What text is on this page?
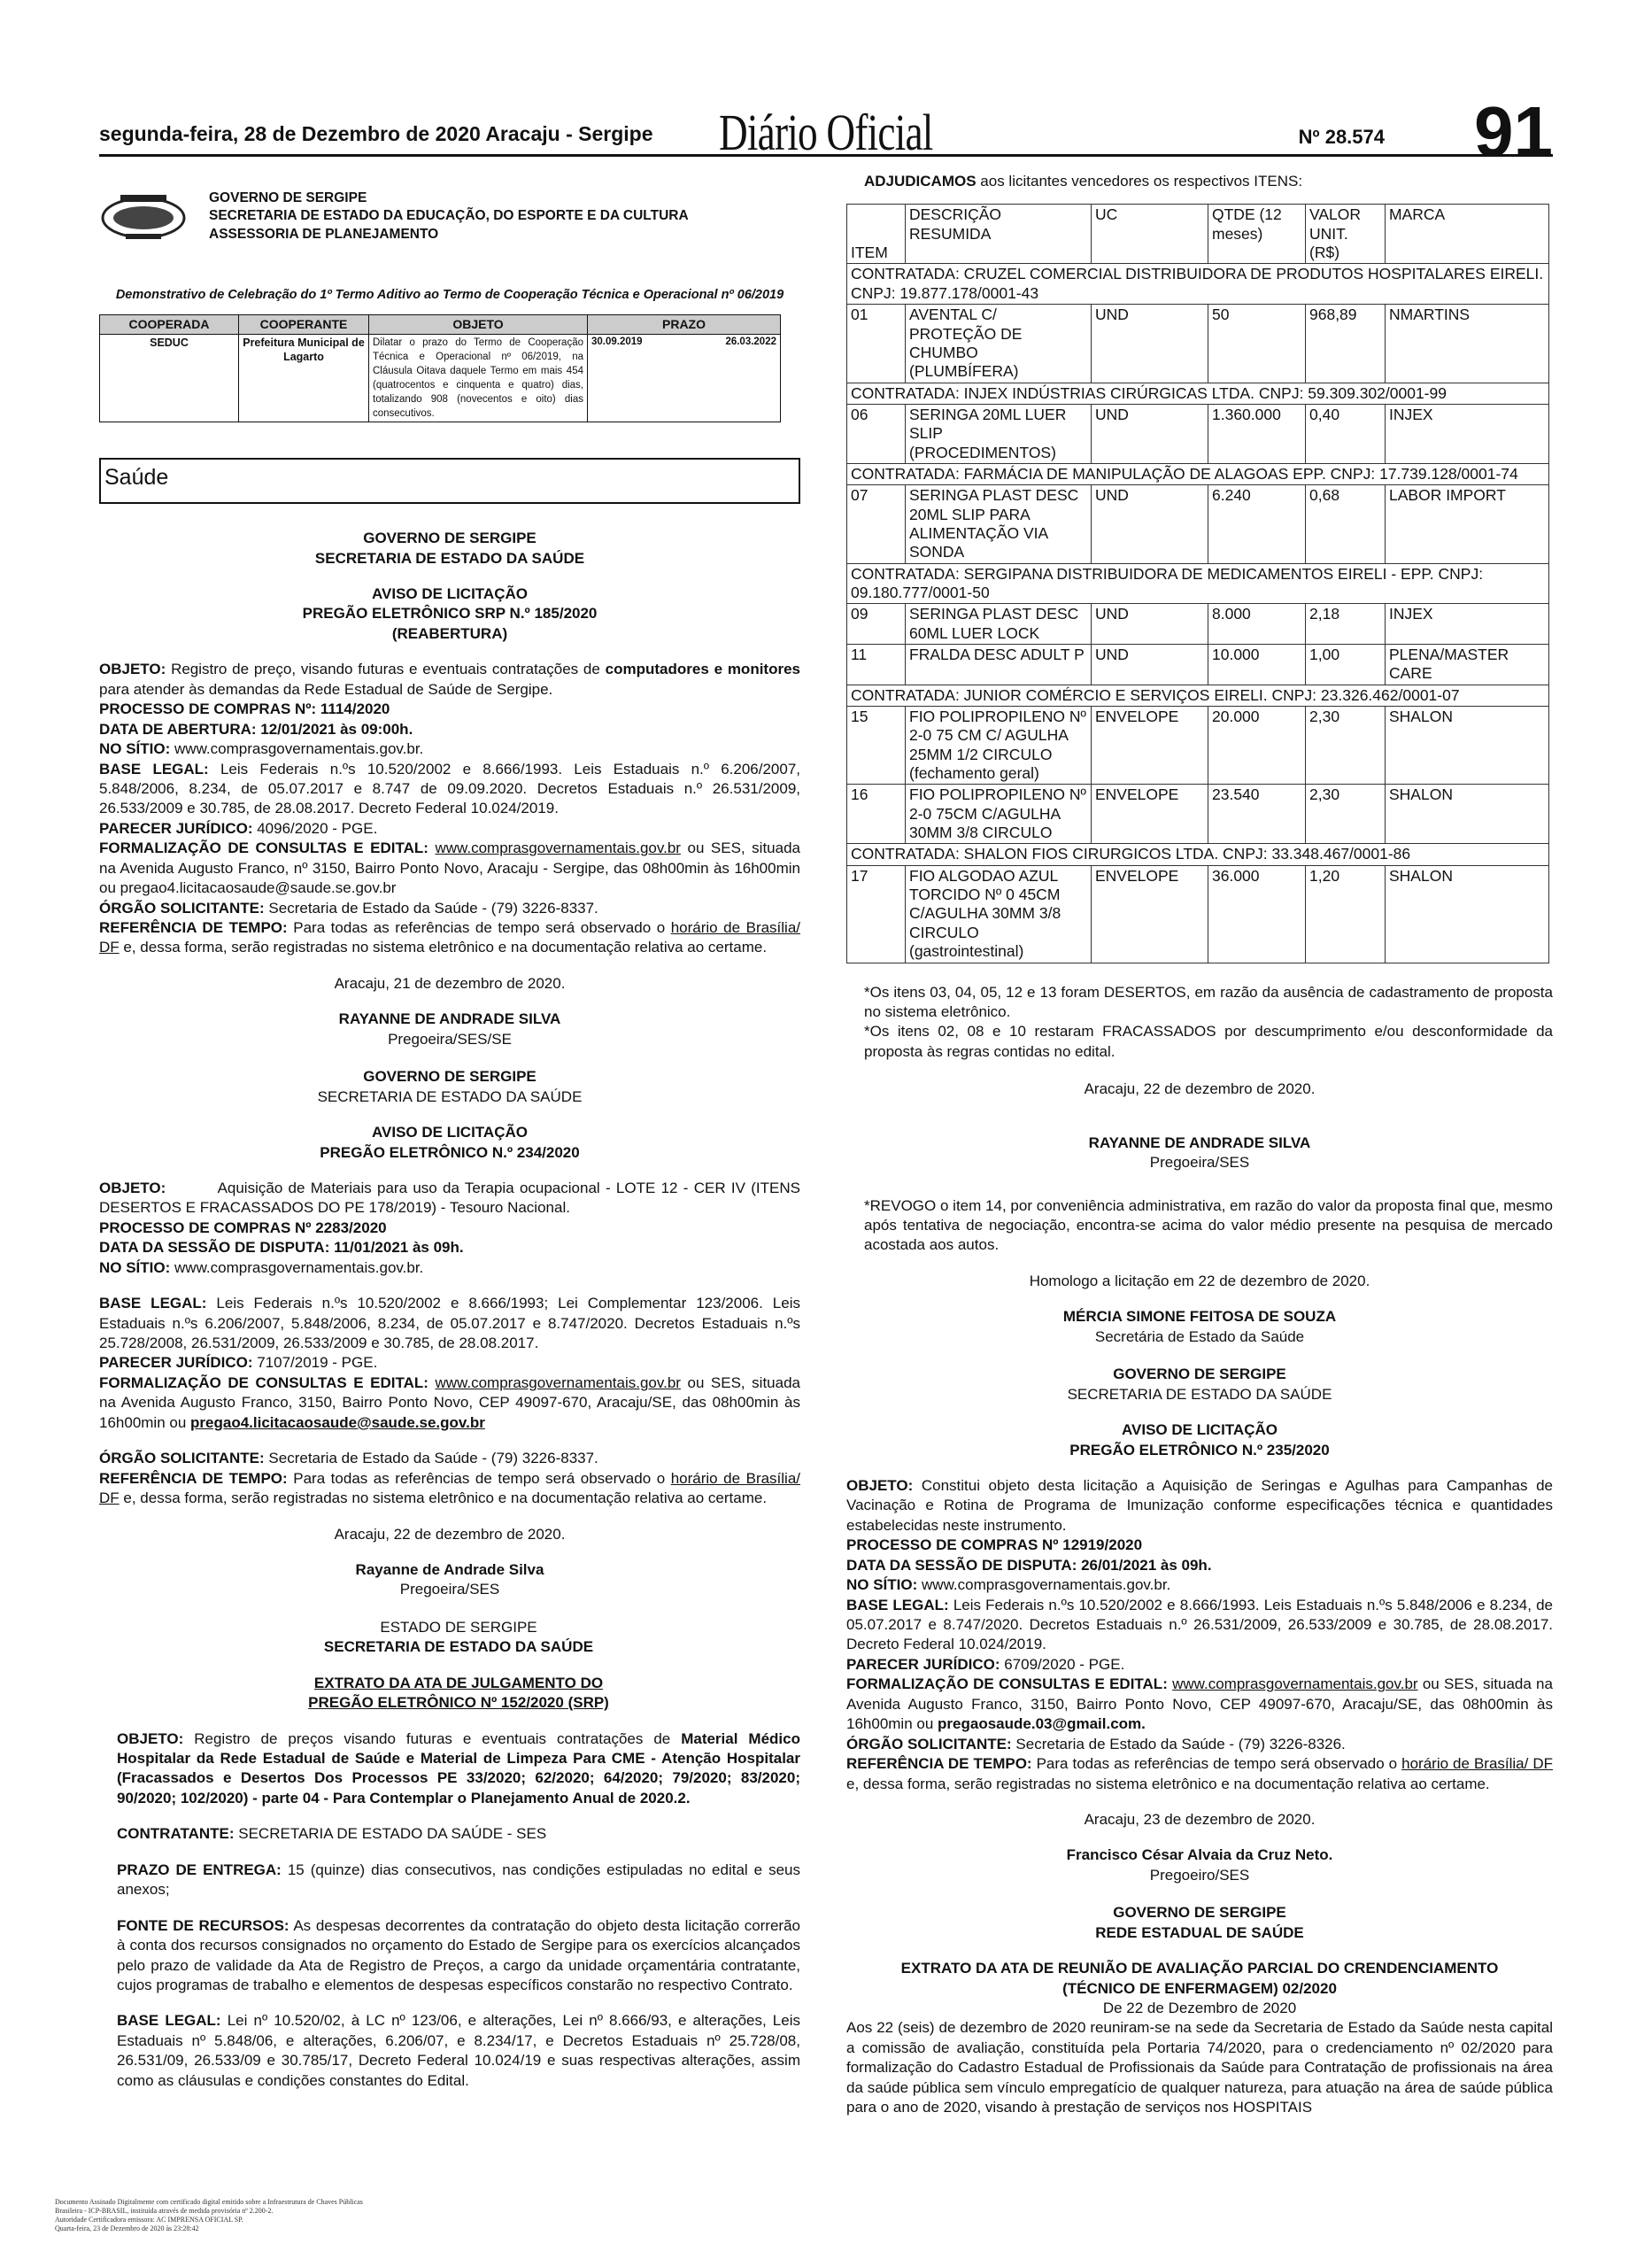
segunda-feira, 28 de Dezembro de 2020 Aracaju - Sergipe Diário Oficial	Nº 28.574 91
GOVERNO DE SERGIPE
SECRETARIA DE ESTADO DA EDUCAÇÃO, DO ESPORTE E DA CULTURA
ASSESSORIA DE PLANEJAMENTO
Demonstrativo de Celebração do 1º Termo Aditivo ao Termo de Cooperação Técnica e Operacional nº 06/2019
COOPERADA	COOPERANTE	OBJETO	PRAZO
SEDUC	Prefeitura Municipal de Lagarto	Dilatar o prazo do Termo de Cooperação Técnica e Operacional nº 06/2019, na Cláusula Oitava daquele Termo em mais 454 (quatrocentos e cinquenta e quatro) dias, totalizando 908 (novecentos e oito) dias consecutivos.	30.09.2019 26.03.2022
Saúde
GOVERNO DE SERGIPE
SECRETARIA DE ESTADO DA SAÚDE
AVISO DE LICITAÇÃO
PREGÃO ELETRÔNICO SRP N.º 185/2020
(REABERTURA)

OBJETO: Registro de preço, visando futuras e eventuais contratações de computadores e monitores para atender às demandas da Rede Estadual de Saúde de Sergipe.

PROCESSO DE COMPRAS Nº: 1114/2020

DATA DE ABERTURA: 12/01/2021 às 09:00h.

NO SÍTIO: www.comprasgovernamentais.gov.br.

BASE LEGAL: Leis Federais n.ºs 10.520/2002 e 8.666/1993. Leis Estaduais n.º 6.206/2007, 5.848/2006, 8.234, de 05.07.2017 e 8.747 de 09.09.2020. Decretos Estaduais n.º 26.531/2009, 26.533/2009 e 30.785, de 28.08.2017. Decreto Federal 10.024/2019.

PARECER JURÍDICO: 4096/2020 - PGE.

FORMALIZAÇÃO DE CONSULTAS E EDITAL: www.comprasgovernamentais.gov.br ou SES, situada na Avenida Augusto Franco, nº 3150, Bairro Ponto Novo, Aracaju - Sergipe, das 08h00min às 16h00min ou pregao4.licitacaosaude@saude.se.gov.br

ÓRGÃO SOLICITANTE: Secretaria de Estado da Saúde - (79) 3226-8337.

REFERÊNCIA DE TEMPO: Para todas as referências de tempo será observado o horário de Brasília/ DF e, dessa forma, serão registradas no sistema eletrônico e na documentação relativa ao certame.

Aracaju, 21 de dezembro de 2020.

RAYANNE DE ANDRADE SILVA

Pregoeira/SES/SE

GOVERNO DE SERGIPE
SECRETARIA DE ESTADO DA SAÚDE
AVISO DE LICITAÇÃO
PREGÃO ELETRÔNICO N.º 234/2020

OBJETO:	Aquisição de Materiais para uso da Terapia ocupacional - LOTE 12 - CER IV (ITENS DESERTOS E FRACASSADOS DO PE 178/2019) - Tesouro Nacional.

PROCESSO DE COMPRAS Nº 2283/2020

DATA DA SESSÃO DE DISPUTA: 11/01/2021 às 09h.

NO SÍTIO: www.comprasgovernamentais.gov.br.

BASE LEGAL: Leis Federais n.ºs 10.520/2002 e 8.666/1993; Lei Complementar 123/2006. Leis Estaduais n.ºs 6.206/2007, 5.848/2006, 8.234, de 05.07.2017 e 8.747/2020. Decretos Estaduais n.ºs 25.728/2008, 26.531/2009, 26.533/2009 e 30.785, de 28.08.2017.

PARECER JURÍDICO: 7107/2019 - PGE.

FORMALIZAÇÃO DE CONSULTAS E EDITAL: www.comprasgovernamentais.gov.br ou SES, situada na Avenida Augusto Franco, 3150, Bairro Ponto Novo, CEP 49097-670, Aracaju/SE, das 08h00min às 16h00min ou pregao4.licitacaosaude@saude.se.gov.br

ÓRGÃO SOLICITANTE: Secretaria de Estado da Saúde - (79) 3226-8337.

REFERÊNCIA DE TEMPO: Para todas as referências de tempo será observado o horário de Brasília/ DF e, dessa forma, serão registradas no sistema eletrônico e na documentação relativa ao certame.

Aracaju, 22 de dezembro de 2020.

Rayanne de Andrade Silva

Pregoeira/SES

ESTADO DE SERGIPE
SECRETARIA DE ESTADO DA SAÚDE
EXTRATO DA ATA DE JULGAMENTO DO
PREGÃO ELETRÔNICO Nº 152/2020 (SRP)

OBJETO: Registro de preços visando futuras e eventuais contratações de Material Médico Hospitalar da Rede Estadual de Saúde e Material de Limpeza Para CME - Atenção Hospitalar (Fracassados e Desertos Dos Processos PE 33/2020; 62/2020; 64/2020; 79/2020; 83/2020; 90/2020; 102/2020) - parte 04 - Para Contemplar o Planejamento Anual de 2020.2.

CONTRATANTE: SECRETARIA DE ESTADO DA SAÚDE - SES

PRAZO DE ENTREGA: 15 (quinze) dias consecutivos, nas condições estipuladas no edital e seus anexos;

FONTE DE RECURSOS: As despesas decorrentes da contratação do objeto desta licitação correrão à conta dos recursos consignados no orçamento do Estado de Sergipe para os exercícios alcançados pelo prazo de validade da Ata de Registro de Preços, a cargo da unidade orçamentária contratante, cujos programas de trabalho e elementos de despesas específicos constarão no respectivo Contrato.

BASE LEGAL: Lei nº 10.520/02, à LC nº 123/06, e alterações, Lei nº 8.666/93, e alterações, Leis Estaduais nº 5.848/06, e alterações, 6.206/07, e 8.234/17, e Decretos Estaduais nº 25.728/08, 26.531/09, 26.533/09 e 30.785/17, Decreto Federal 10.024/19 e suas respectivas alterações, assim como as cláusulas e condições constantes do Edital.

ADJUDICAMOS aos licitantes vencedores os respectivos ITENS:

ITEM	DESCRIÇÃO RESUMIDA	UC	QTDE (12 meses)	VALOR UNIT. (R$)	MARCA
CONTRATADA: CRUZEL COMERCIAL DISTRIBUIDORA DE PRODUTOS HOSPITALARES EIRELI. CNPJ: 19.877.178/0001-43					
01	AVENTAL C/ PROTEÇÃO DE CHUMBO (PLUMBÍFERA)	UND	50	968,89	NMARTINS
CONTRATADA: INJEX INDÚSTRIAS CIRÚRGICAS LTDA. CNPJ: 59.309.302/0001-99					
06	SERINGA 20ML LUER SLIP (PROCEDIMENTOS)	UND	1.360.000	0,40	INJEX
CONTRATADA: FARMÁCIA DE MANIPULAÇÃO DE ALAGOAS EPP. CNPJ: 17.739.128/0001-74					
07	SERINGA PLAST DESC 20ML SLIP PARA ALIMENTAÇÃO VIA SONDA	UND	6.240	0,68	LABOR IMPORT
CONTRATADA: SERGIPANA DISTRIBUIDORA DE MEDICAMENTOS EIRELI - EPP. CNPJ: 09.180.777/0001-50					
09	SERINGA PLAST DESC 60ML LUER LOCK	UND	8.000	2,18	INJEX
11	FRALDA DESC ADULT P	UND	10.000	1,00	PLENA/MASTER CARE
CONTRATADA: JUNIOR COMÉRCIO E SERVIÇOS EIRELI. CNPJ: 23.326.462/0001-07					
15	FIO POLIPROPILENO Nº 2-0 75 CM C/ AGULHA 25MM 1/2 CIRCULO (fechamento geral)	ENVELOPE	20.000	2,30	SHALON
16	FIO POLIPROPILENO Nº 2-0 75CM C/AGULHA 30MM 3/8 CIRCULO	ENVELOPE	23.540	2,30	SHALON
CONTRATADA: SHALON FIOS CIRURGICOS LTDA. CNPJ: 33.348.467/0001-86					
17	FIO ALGODAO AZUL TORCIDO Nº 0 45CM C/AGULHA 30MM 3/8 CIRCULO (gastrointestinal)	ENVELOPE	36.000	1,20	SHALON

*Os itens 03, 04, 05, 12 e 13 foram DESERTOS, em razão da ausência de cadastramento de proposta no sistema eletrônico.

*Os itens 02, 08 e 10 restaram FRACASSADOS por descumprimento e/ou desconformidade da proposta às regras contidas no edital.

Aracaju, 22 de dezembro de 2020.

RAYANNE DE ANDRADE SILVA

Pregoeira/SES

*REVOGO o item 14, por conveniência administrativa, em razão do valor da proposta final que, mesmo após tentativa de negociação, encontra-se acima do valor médio presente na pesquisa de mercado acostada aos autos.

Homologo a licitação em 22 de dezembro de 2020.

MÉRCIA SIMONE FEITOSA DE SOUZA

Secretária de Estado da Saúde

GOVERNO DE SERGIPE
SECRETARIA DE ESTADO DA SAÚDE
AVISO DE LICITAÇÃO
PREGÃO ELETRÔNICO N.º 235/2020

OBJETO: Constitui objeto desta licitação a Aquisição de Seringas e Agulhas para Campanhas de Vacinação e Rotina de Programa de Imunização conforme especificações técnica e quantidades estabelecidas neste instrumento.

PROCESSO DE COMPRAS Nº 12919/2020

DATA DA SESSÃO DE DISPUTA: 26/01/2021 às 09h.

NO SÍTIO: www.comprasgovernamentais.gov.br.

BASE LEGAL: Leis Federais n.ºs 10.520/2002 e 8.666/1993. Leis Estaduais n.ºs 5.848/2006 e 8.234, de 05.07.2017 e 8.747/2020. Decretos Estaduais n.º 26.531/2009, 26.533/2009 e 30.785, de 28.08.2017. Decreto Federal 10.024/2019.

PARECER JURÍDICO: 6709/2020 - PGE.

FORMALIZAÇÃO DE CONSULTAS E EDITAL: www.comprasgovernamentais.gov.br ou SES, situada na Avenida Augusto Franco, 3150, Bairro Ponto Novo, CEP 49097-670, Aracaju/SE, das 08h00min às 16h00min ou pregaosaude.03@gmail.com.

ÓRGÃO SOLICITANTE: Secretaria de Estado da Saúde - (79) 3226-8326.

REFERÊNCIA DE TEMPO: Para todas as referências de tempo será observado o horário de Brasília/ DF e, dessa forma, serão registradas no sistema eletrônico e na documentação relativa ao certame.

Aracaju, 23 de dezembro de 2020.

Francisco César Alvaia da Cruz Neto.

Pregoeiro/SES

GOVERNO DE SERGIPE
REDE ESTADUAL DE SAÚDE
EXTRATO DA ATA DE REUNIÃO DE AVALIAÇÃO PARCIAL DO CRENDENCIAMENTO
(TÉCNICO DE ENFERMAGEM) 02/2020
De 22 de Dezembro de 2020

Aos 22 (seis) de dezembro de 2020 reuniram-se na sede da Secretaria de Estado da Saúde nesta capital a comissão de avaliação, constituída pela Portaria 74/2020, para o credenciamento nº 02/2020 para formalização do Cadastro Estadual de Profissionais da Saúde para Contratação de profissionais na área da saúde pública sem vínculo empregatício de qualquer natureza, para atuação na área de saúde pública para o ano de 2020, visando à prestação de serviços nos HOSPITAIS

Documento Assinado Digitalmente com certificado digital emitido sobre a Infraestrutura de Chaves Públicas
Brasileira - ICP-BRASIL, instituída através de medida provisória nº 2.200-2.
Autoridade Certificadora emissora: AC IMPRENSA OFICIAL SP.
Quarta-feira, 23 de Dezembro de 2020 às 23:28:42
